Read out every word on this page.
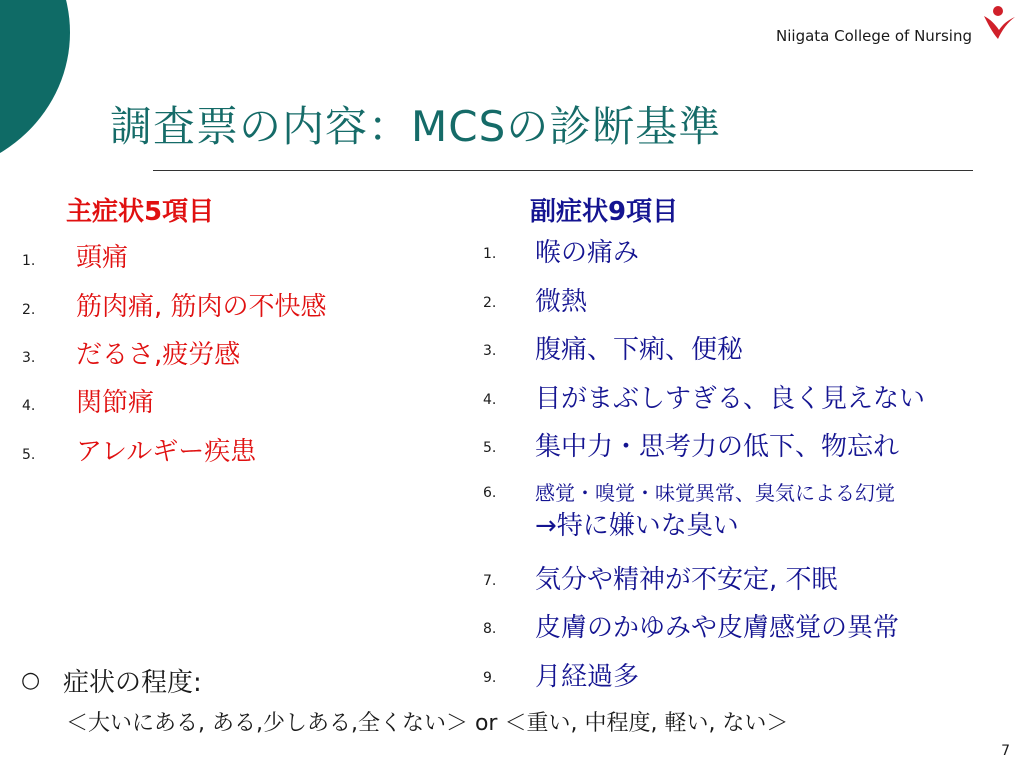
Niigata College of Nursing
調査票の内容：MCSの診断基準
主症状5項目
1. 頭痛
2. 筋肉痛, 筋肉の不快感
3. だるさ,疲労感
4. 関節痛
5. アレルギー疾患
副症状9項目
1. 喉の痛み
2. 微熱
3. 腹痛、下痢、便秘
4. 目がまぶしすぎる、良く見えない
5. 集中力・思考力の低下、物忘れ
6. 感覚・嗅覚・味覚異常、臭気による幻覚
→特に嫌いな臭い
7. 気分や精神が不安定, 不眠
8. 皮膚のかゆみや皮膚感覚の異常
9. 月経過多
○ 症状の程度:
＜大いにある, ある,少しある,全くない＞ or ＜重い, 中程度, 軽い, ない＞
7
